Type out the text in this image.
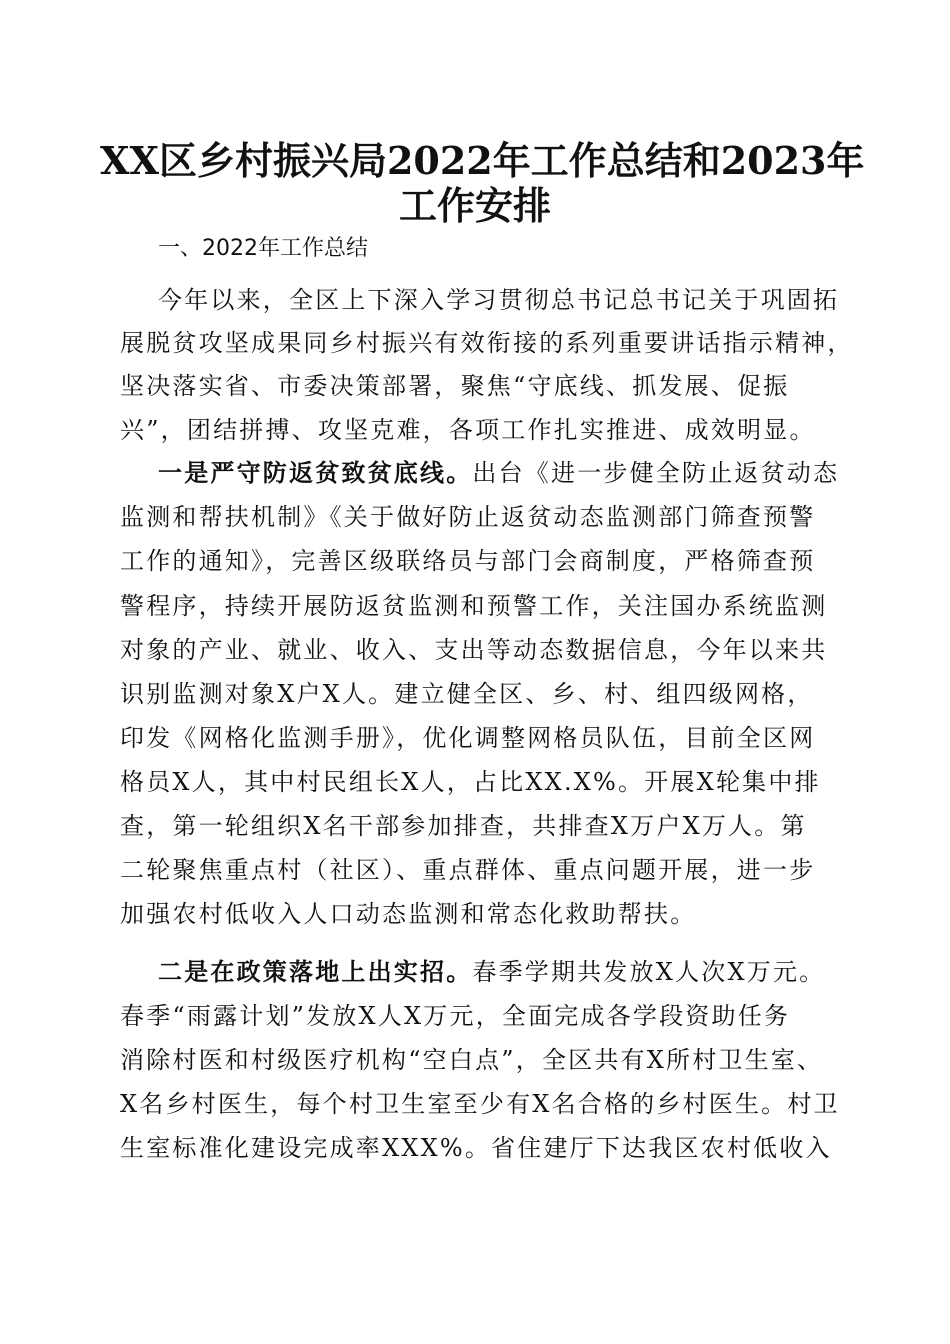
XX区乡村振兴局2022年工作总结和2023年
工作安排
一、2022年工作总结
今年以来，全区上下深入学习贯彻总书记总书记关于巩固拓
展脱贫攻坚成果同乡村振兴有效衔接的系列重要讲话指示精神，
坚决落实省、市委决策部署，聚焦“守底线、抓发展、促振
兴”，团结拼搏、攻坚克难，各项工作扎实推进、成效明显。
一是严守防返贫致贫底线。出台《进一步健全防止返贫动态
监测和帮扶机制》《关于做好防止返贫动态监测部门筛查预警
工作的通知》，完善区级联络员与部门会商制度，严格筛查预
警程序，持续开展防返贫监测和预警工作，关注国办系统监测
对象的产业、就业、收入、支出等动态数据信息，今年以来共
识别监测对象X户X人。建立健全区、乡、村、组四级网格，
印发《网格化监测手册》，优化调整网格员队伍，目前全区网
格员X人，其中村民组长X人，占比XX.X%。开展X轮集中排
查，第一轮组织X名干部参加排查，共排查X万户X万人。第
二轮聚焦重点村（社区）、重点群体、重点问题开展，进一步
加强农村低收入人口动态监测和常态化救助帮扶。
二是在政策落地上出实招。春季学期共发放X人次X万元。
春季“雨露计划”发放X人X万元，全面完成各学段资助任务
消除村医和村级医疗机构“空白点”，全区共有X所村卫生室、
X名乡村医生，每个村卫生室至少有X名合格的乡村医生。村卫
生室标准化建设完成率XXX%。省住建厅下达我区农村低收入
